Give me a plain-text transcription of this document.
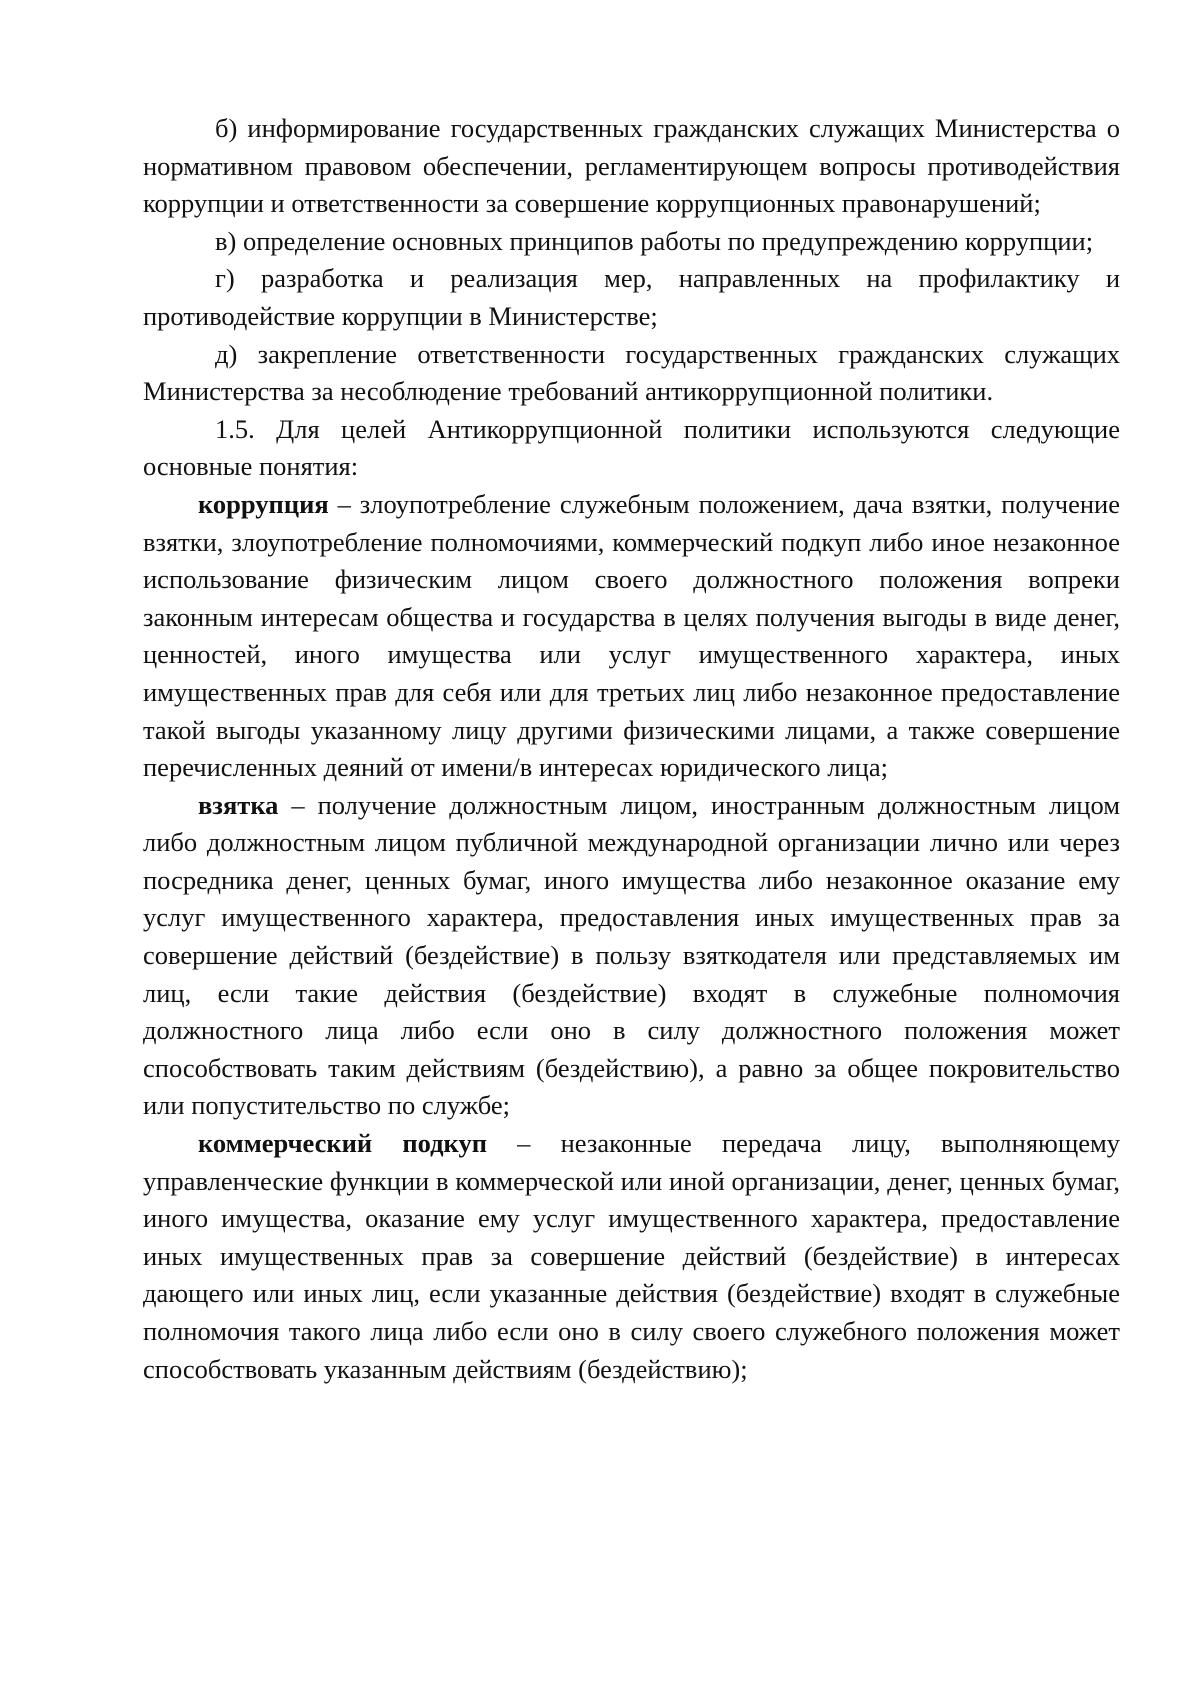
б) информирование государственных гражданских служащих Министерства о нормативном правовом обеспечении, регламентирующем вопросы противодействия коррупции и ответственности за совершение коррупционных правонарушений;

в) определение основных принципов работы по предупреждению коррупции;

г) разработка и реализация мер, направленных на профилактику и противодействие коррупции в Министерстве;

д) закрепление ответственности государственных гражданских служащих Министерства за несоблюдение требований антикоррупционной политики.

1.5. Для целей Антикоррупционной политики используются следующие основные понятия:

коррупция – злоупотребление служебным положением, дача взятки, получение взятки, злоупотребление полномочиями, коммерческий подкуп либо иное незаконное использование физическим лицом своего должностного положения вопреки законным интересам общества и государства в целях получения выгоды в виде денег, ценностей, иного имущества или услуг имущественного характера, иных имущественных прав для себя или для третьих лиц либо незаконное предоставление такой выгоды указанному лицу другими физическими лицами, а также совершение перечисленных деяний от имени/в интересах юридического лица;

взятка – получение должностным лицом, иностранным должностным лицом либо должностным лицом публичной международной организации лично или через посредника денег, ценных бумаг, иного имущества либо незаконное оказание ему услуг имущественного характера, предоставления иных имущественных прав за совершение действий (бездействие) в пользу взяткодателя или представляемых им лиц, если такие действия (бездействие) входят в служебные полномочия должностного лица либо если оно в силу должностного положения может способствовать таким действиям (бездействию), а равно за общее покровительство или попустительство по службе;

коммерческий подкуп – незаконные передача лицу, выполняющему управленческие функции в коммерческой или иной организации, денег, ценных бумаг, иного имущества, оказание ему услуг имущественного характера, предоставление иных имущественных прав за совершение действий (бездействие) в интересах дающего или иных лиц, если указанные действия (бездействие) входят в служебные полномочия такого лица либо если оно в силу своего служебного положения может способствовать указанным действиям (бездействию);
